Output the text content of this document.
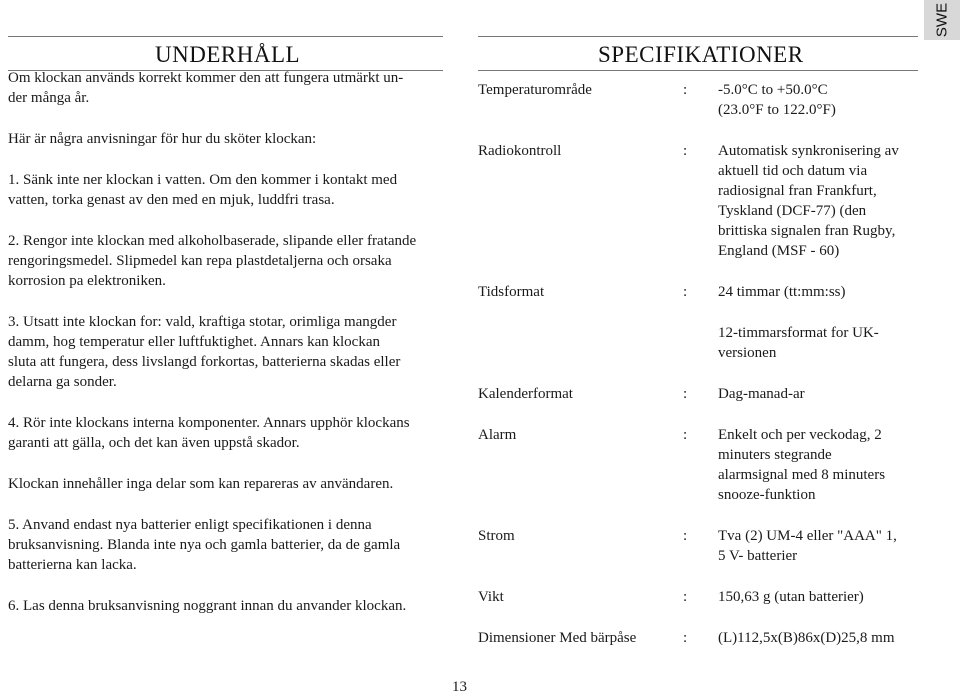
SWE
UNDERHÅLL	SPECIFIKATIONER

Om klockan används korrekt kommer den att fungera utmärkt un-

der många år.

Här är några anvisningar för hur du sköter klockan:

1. Sänk inte ner klockan i vatten. Om den kommer i kontakt med

vatten, torka genast av den med en mjuk, luddfri trasa.

2. Rengor inte klockan med alkoholbaserade, slipande eller fratande

rengoringsmedel. Slipmedel kan repa plastdetaljerna och orsaka

korrosion pa elektroniken.

3. Utsatt inte klockan for: vald, kraftiga stotar, orimliga mangder

damm, hog temperatur eller luftfuktighet. Annars kan klockan

sluta att fungera, dess livslangd forkortas, batterierna skadas eller

delarna ga sonder.

4. Rör inte klockans interna komponenter. Annars upphör klockans

garanti att gälla, och det kan även uppstå skador.

Klockan innehåller inga delar som kan repareras av användaren.

5. Anvand endast nya batterier enligt specifikationen i denna

bruksanvisning. Blanda inte nya och gamla batterier, da de gamla

batterierna kan lacka.

6. Las denna bruksanvisning noggrant innan du anvander klockan.

Temperaturområde	:	-5.0°C to +50.0°C
(23.0°F to 122.0°F)
Radiokontroll	:	Automatisk synkronisering av
aktuell tid och datum via
radiosignal fran Frankfurt,
Tyskland (DCF-77) (den
brittiska signalen fran Rugby,
England (MSF - 60)
Tidsformat	:	24 timmar (tt:mm:ss)
12-timmarsformat for UK-
versionen
Kalenderformat	:	Dag-manad-ar
Alarm	:	Enkelt och per veckodag, 2
minuters stegrande
alarmsignal med 8 minuters
snooze-funktion
Strom	:	Tva (2) UM-4 eller "AAA" 1,
5 V- batterier
Vikt	:	150,63 g (utan batterier)
Dimensioner Med bärpåse	:	(L)112,5x(B)86x(D)25,8 mm
13
